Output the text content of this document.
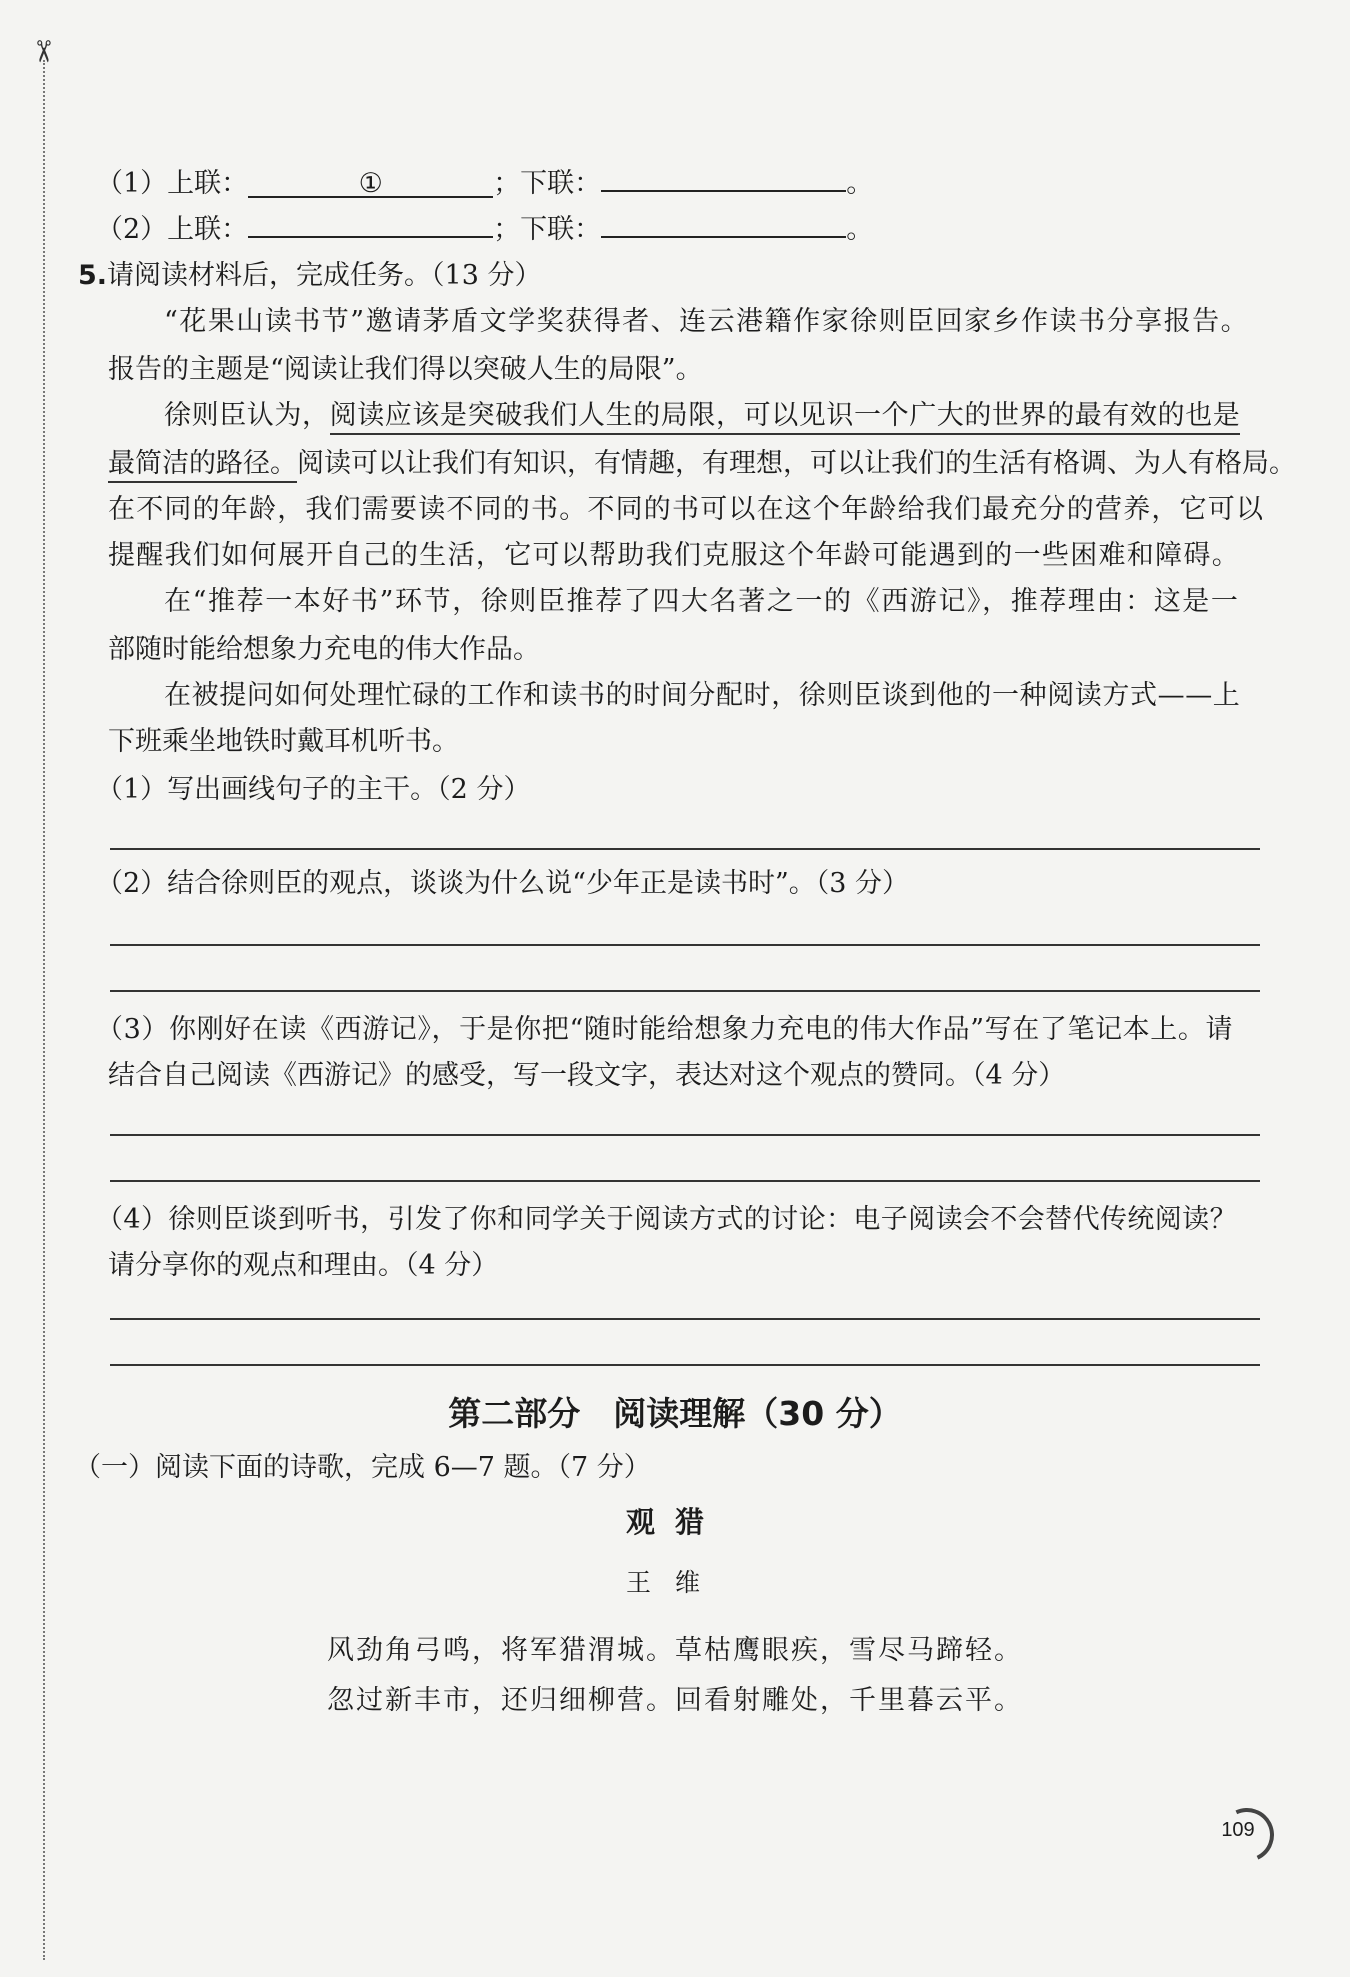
✂
（1）上联：	①	；下联：	。
（2）上联：	；下联：	。
5.请阅读材料后，完成任务。（13 分）
“花果山读书节”邀请茅盾文学奖获得者、连云港籍作家徐则臣回家乡作读书分享报告。
报告的主题是“阅读让我们得以突破人生的局限”。
徐则臣认为，阅读应该是突破我们人生的局限，可以见识一个广大的世界的最有效的也是
最简洁的路径。阅读可以让我们有知识，有情趣，有理想，可以让我们的生活有格调、为人有格局。
在不同的年龄，我们需要读不同的书。不同的书可以在这个年龄给我们最充分的营养，它可以
提醒我们如何展开自己的生活，它可以帮助我们克服这个年龄可能遇到的一些困难和障碍。
在“推荐一本好书”环节，徐则臣推荐了四大名著之一的《西游记》，推荐理由：这是一
部随时能给想象力充电的伟大作品。
在被提问如何处理忙碌的工作和读书的时间分配时，徐则臣谈到他的一种阅读方式——上
下班乘坐地铁时戴耳机听书。
（1）写出画线句子的主干。（2 分）
（2）结合徐则臣的观点，谈谈为什么说“少年正是读书时”。（3 分）
（3）你刚好在读《西游记》，于是你把“随时能给想象力充电的伟大作品”写在了笔记本上。请
结合自己阅读《西游记》的感受，写一段文字，表达对这个观点的赞同。（4 分）
（4）徐则臣谈到听书，引发了你和同学关于阅读方式的讨论：电子阅读会不会替代传统阅读？
请分享你的观点和理由。（4 分）
第二部分　阅读理解（30 分）
（一）阅读下面的诗歌，完成 6—7 题。（7 分）
观猎
王维
风劲角弓鸣，将军猎渭城。草枯鹰眼疾，雪尽马蹄轻。
忽过新丰市，还归细柳营。回看射雕处，千里暮云平。
109
